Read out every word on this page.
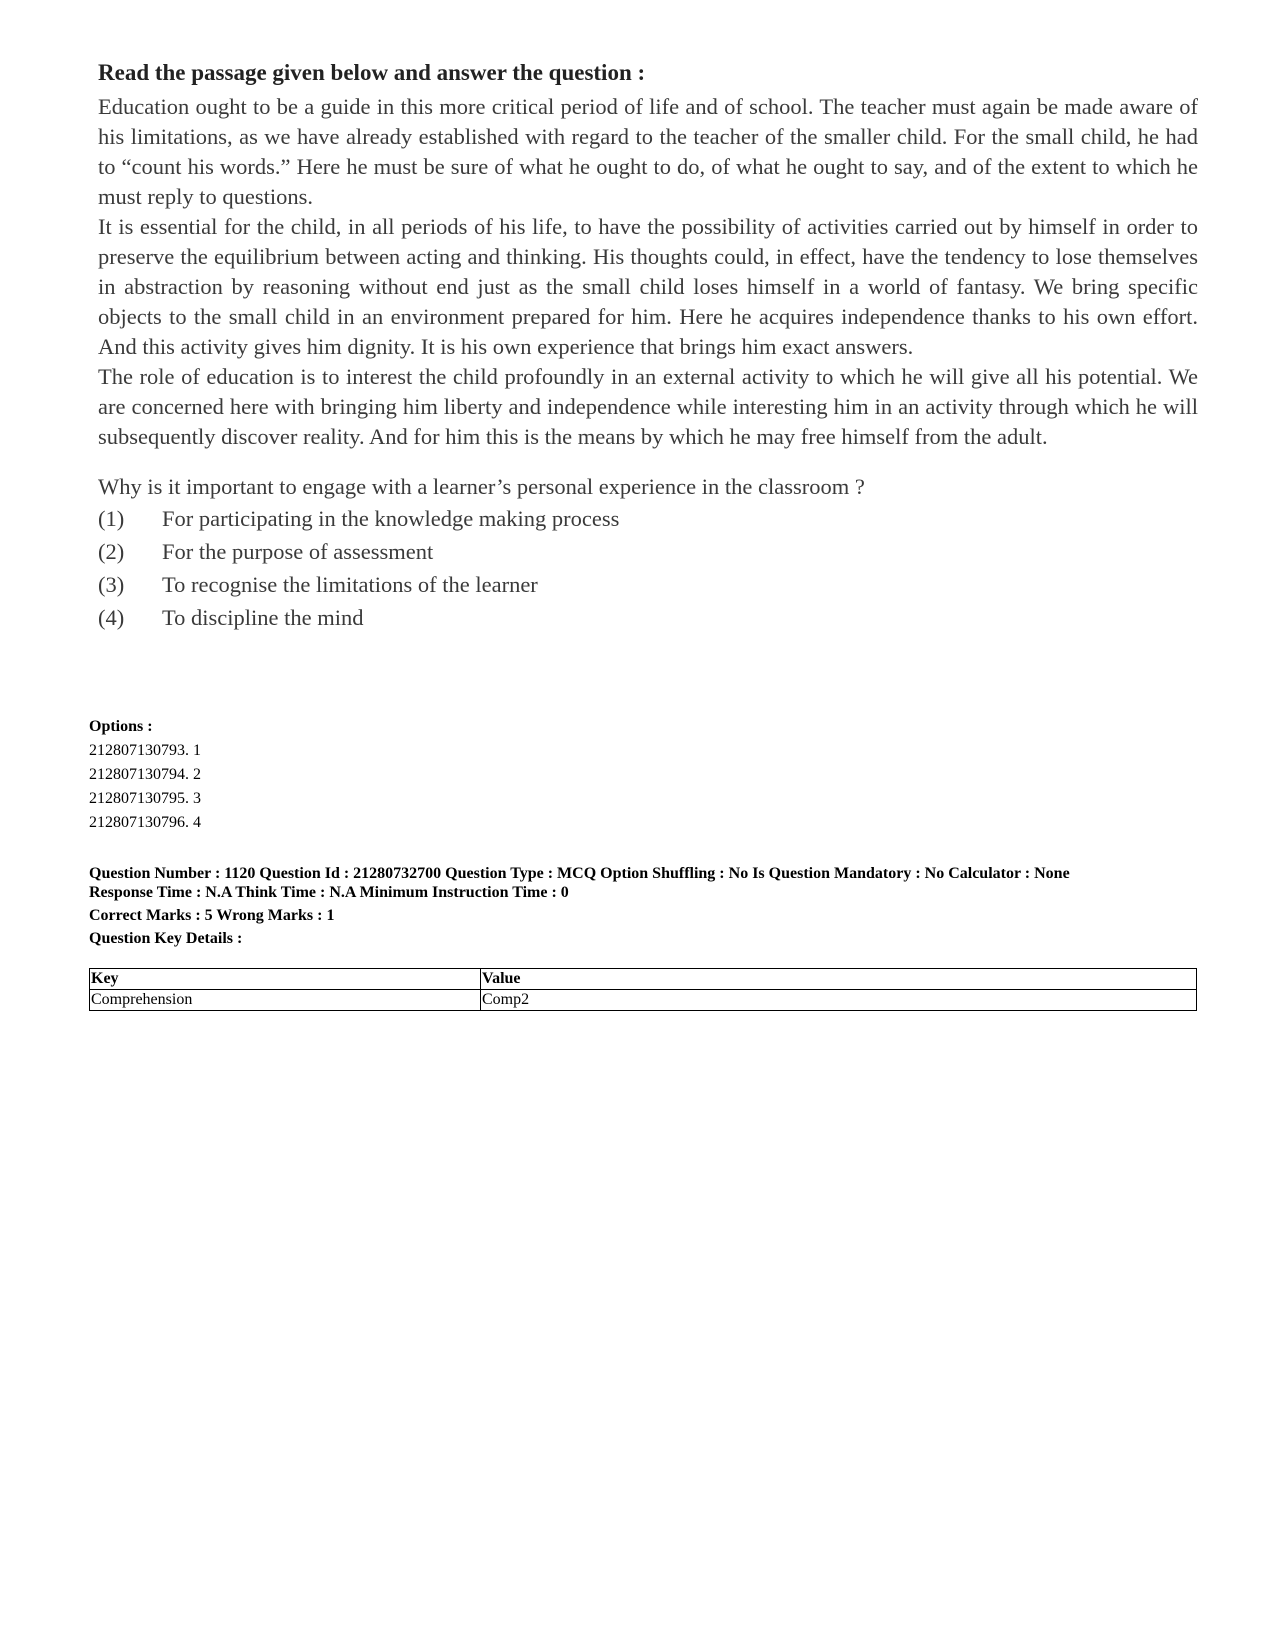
Read the passage given below and answer the question :

Education ought to be a guide in this more critical period of life and of school. The teacher must again be made aware of his limitations, as we have already established with regard to the teacher of the smaller child. For the small child, he had to “count his words.” Here he must be sure of what he ought to do, of what he ought to say, and of the extent to which he must reply to questions.

It is essential for the child, in all periods of his life, to have the possibility of activities carried out by himself in order to preserve the equilibrium between acting and thinking. His thoughts could, in effect, have the tendency to lose themselves in abstraction by reasoning without end just as the small child loses himself in a world of fantasy. We bring specific objects to the small child in an environment prepared for him. Here he acquires independence thanks to his own effort. And this activity gives him dignity. It is his own experience that brings him exact answers.

The role of education is to interest the child profoundly in an external activity to which he will give all his potential. We are concerned here with bringing him liberty and independence while interesting him in an activity through which he will subsequently discover reality. And for him this is the means by which he may free himself from the adult.

Why is it important to engage with a learner’s personal experience in the classroom ?
(1)	For participating in the knowledge making process
(2)	For the purpose of assessment
(3)	To recognise the limitations of the learner
(4)	To discipline the mind
Options :
212807130793. 1
212807130794. 2
212807130795. 3
212807130796. 4
Question Number : 1120 Question Id : 21280732700 Question Type : MCQ Option Shuffling : No Is Question Mandatory : No Calculator : None
Response Time : N.A Think Time : N.A Minimum Instruction Time : 0
Correct Marks : 5 Wrong Marks : 1
Question Key Details :
Key	Value
Comprehension	Comp2
